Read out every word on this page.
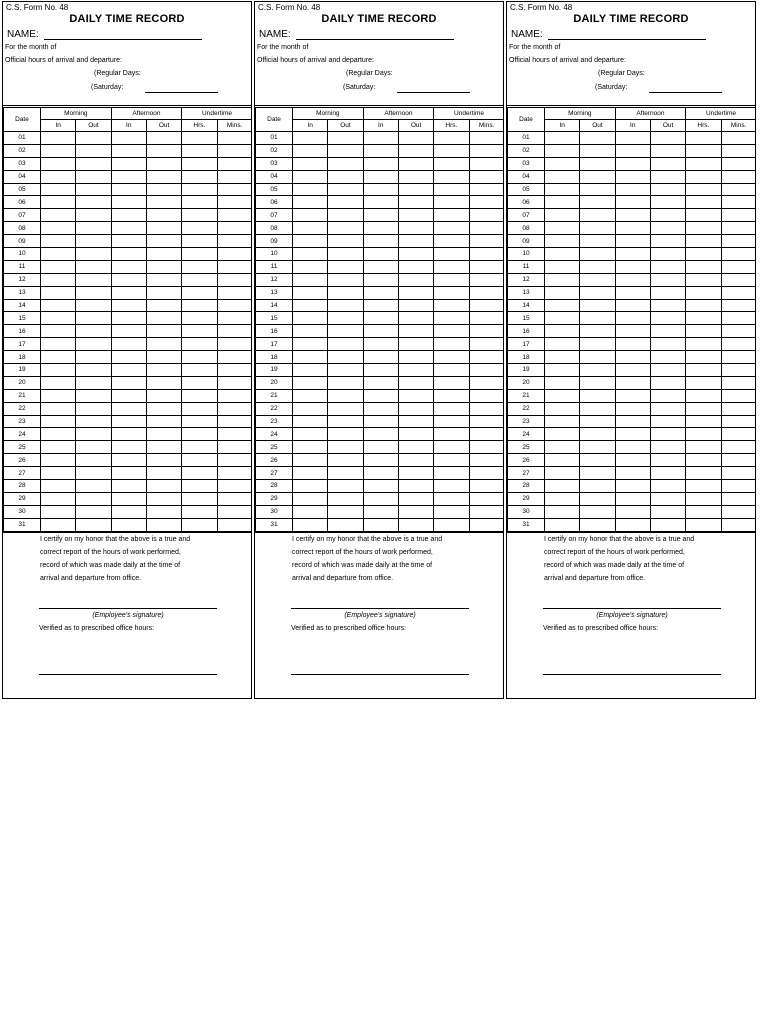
C.S. Form No. 48
DAILY TIME RECORD
NAME:
For the month of
Official hours of arrival and departure:
(Regular Days:
(Saturday:
Date	Morning		Afternoon		Undertime	
	In	Out	In	Out	Hrs.	Mins.
01						
02						
03						
04						
05						
06						
07						
08						
09						
10						
11						
12						
13						
14						
15						
16						
17						
18						
19						
20						
21						
22						
23						
24						
25						
26						
27						
28						
29						
30						
31						
I certify on my honor that the above is a true and
correct report of the hours of work performed,
record of which was made daily at the time of
arrival and departure from office.
(Employee's signature)
Verified as to prescribed office hours:
C.S. Form No. 48
DAILY TIME RECORD
NAME:
For the month of
Official hours of arrival and departure:
(Regular Days:
(Saturday:
Date	Morning		Afternoon		Undertime	
	In	Out	In	Out	Hrs.	Mins.
01						
02						
03						
04						
05						
06						
07						
08						
09						
10						
11						
12						
13						
14						
15						
16						
17						
18						
19						
20						
21						
22						
23						
24						
25						
26						
27						
28						
29						
30						
31						
I certify on my honor that the above is a true and
correct report of the hours of work performed,
record of which was made daily at the time of
arrival and departure from office.
(Employee's signature)
Verified as to prescribed office hours:
C.S. Form No. 48
DAILY TIME RECORD
NAME:
For the month of
Official hours of arrival and departure:
(Regular Days:
(Saturday:
Date	Morning		Afternoon		Undertime	
	In	Out	In	Out	Hrs.	Mins.
01						
02						
03						
04						
05						
06						
07						
08						
09						
10						
11						
12						
13						
14						
15						
16						
17						
18						
19						
20						
21						
22						
23						
24						
25						
26						
27						
28						
29						
30						
31						
I certify on my honor that the above is a true and
correct report of the hours of work performed,
record of which was made daily at the time of
arrival and departure from office.
(Employee's signature)
Verified as to prescribed office hours:
